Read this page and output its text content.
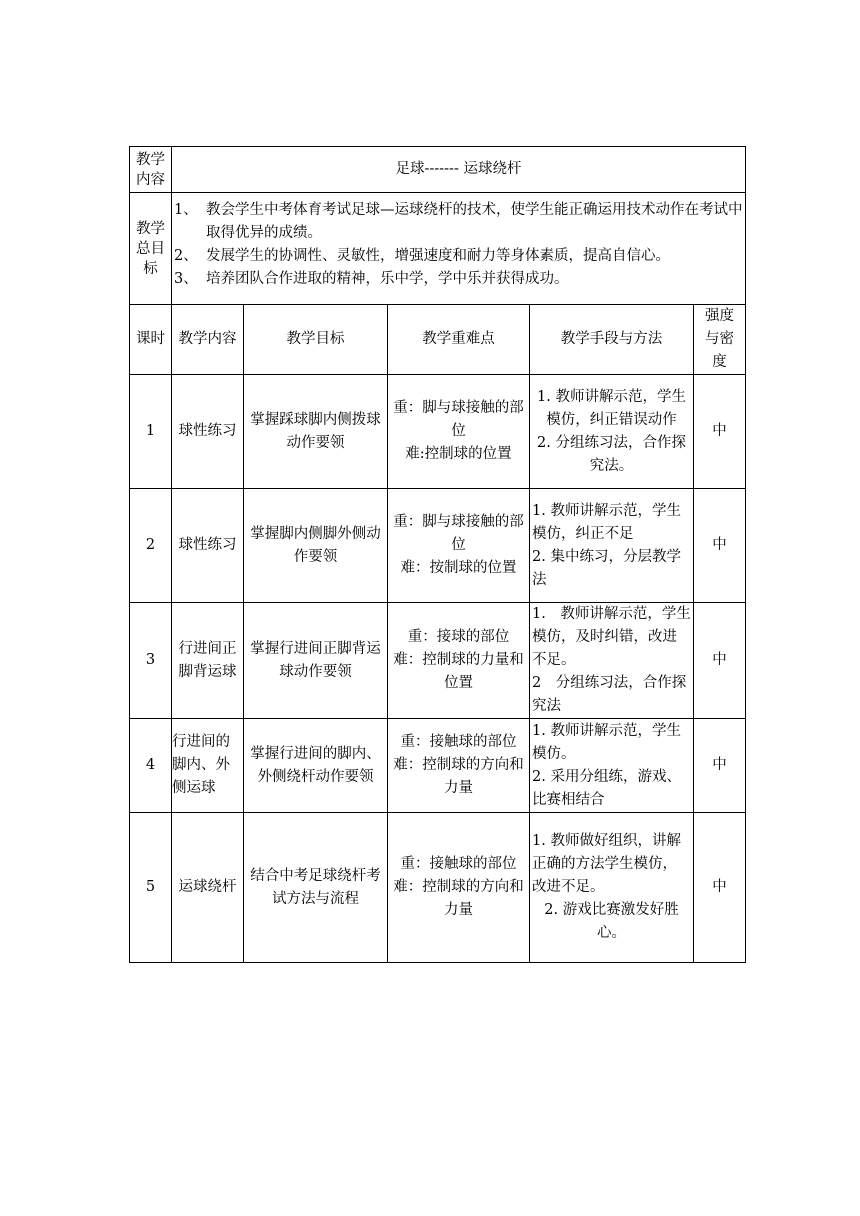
教学内容	足球------- 运球绕杆				
教学总目标	1、 教会学生中考体育考试足球—运球绕杆的技术，使学生能正确运用技术动作在考试中取得优异的成绩。
2、 发展学生的协调性、灵敏性，增强速度和耐力等身体素质，提高自信心。
3、 培养团队合作进取的精神，乐中学，学中乐并获得成功。				

课时	教学内容	教学目标	教学重难点	教学手段与方法	强度与密度
1	球性练习	掌握踩球脚内侧拨球动作要领	重：脚与球接触的部位
难:控制球的位置	1. 教师讲解示范，学生模仿，纠正错误动作
2. 分组练习法，合作探究法。	中
2	球性练习	掌握脚内侧脚外侧动作要领	重：脚与球接触的部位
难：按制球的位置	1. 教师讲解示范，学生模仿，纠正不足
2. 集中练习，分层教学法	中
3	行进间正脚背运球	掌握行进间正脚背运球动作要领	重：接球的部位
难：控制球的力量和位置	1.　教师讲解示范，学生模仿，及时纠错，改进不足。
2　分组练习法，合作探究法	中
4	行进间的脚内、外侧运球	掌握行进间的脚内、外侧绕杆动作要领	重：接触球的部位
难：控制球的方向和力量	1. 教师讲解示范，学生模仿。
2. 采用分组练，游戏、比赛相结合	中
5	运球绕杆	结合中考足球绕杆考试方法与流程	重：接触球的部位
难：控制球的方向和力量	1. 教师做好组织，讲解正确的方法学生模仿，改进不足。
2. 游戏比赛激发好胜心。	中
